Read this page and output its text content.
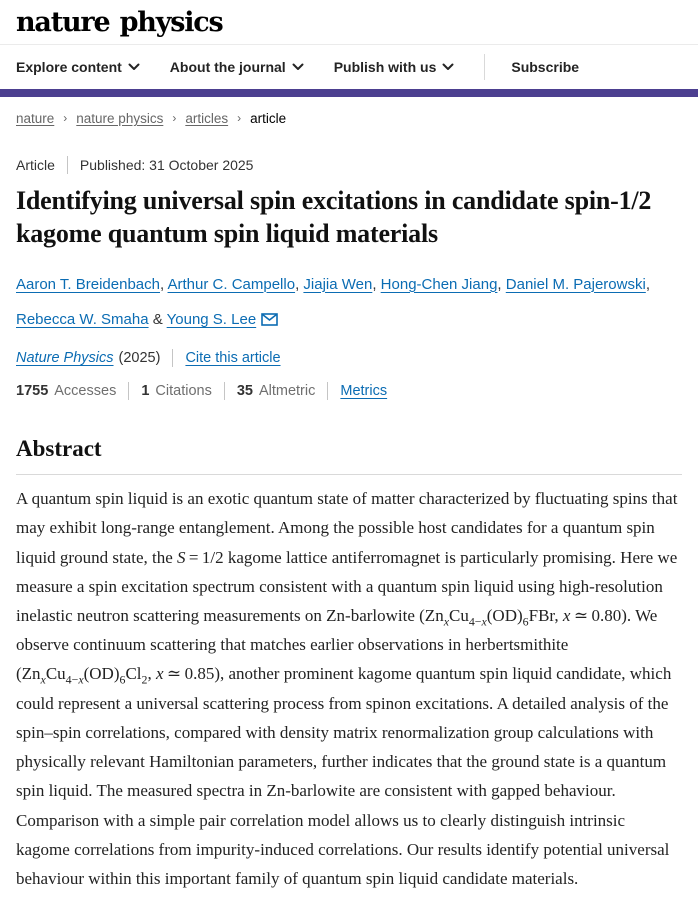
nature physics
Explore content	About the journal	Publish with us	Subscribe
nature › nature physics › articles › article
Article Published: 31 October 2025
Identifying universal spin excitations in candidate spin-1/2 kagome quantum spin liquid materials

Aaron T. Breidenbach, Arthur C. Campello, Jiajia Wen, Hong-Chen Jiang, Daniel M. Pajerowski, Rebecca W. Smaha & Young S. Lee

Nature Physics (2025) Cite this article
1755 Accesses 1 Citations 35 Altmetric Metrics
Abstract

A quantum spin liquid is an exotic quantum state of matter characterized by fluctuating spins that may exhibit long-range entanglement. Among the possible host candidates for a quantum spin liquid ground state, the S = 1/2 kagome lattice antiferromagnet is particularly promising. Here we measure a spin excitation spectrum consistent with a quantum spin liquid using high-resolution inelastic neutron scattering measurements on Zn-barlowite ($Zn_xCu_{4-x}(OD)_6FBr$, x ≃ 0.80). We observe continuum scattering that matches earlier observations in herbertsmithite ($Zn_xCu_{4-x}(OD)_6Cl_2$, x ≃ 0.85), another prominent kagome quantum spin liquid candidate, which could represent a universal scattering process from spinon excitations. A detailed analysis of the spin–spin correlations, compared with density matrix renormalization group calculations with physically relevant Hamiltonian parameters, further indicates that the ground state is a quantum spin liquid. The measured spectra in Zn-barlowite are consistent with gapped behaviour. Comparison with a simple pair correlation model allows us to clearly distinguish intrinsic kagome correlations from impurity-induced correlations. Our results identify potential universal behaviour within this important family of quantum spin liquid candidate materials.
